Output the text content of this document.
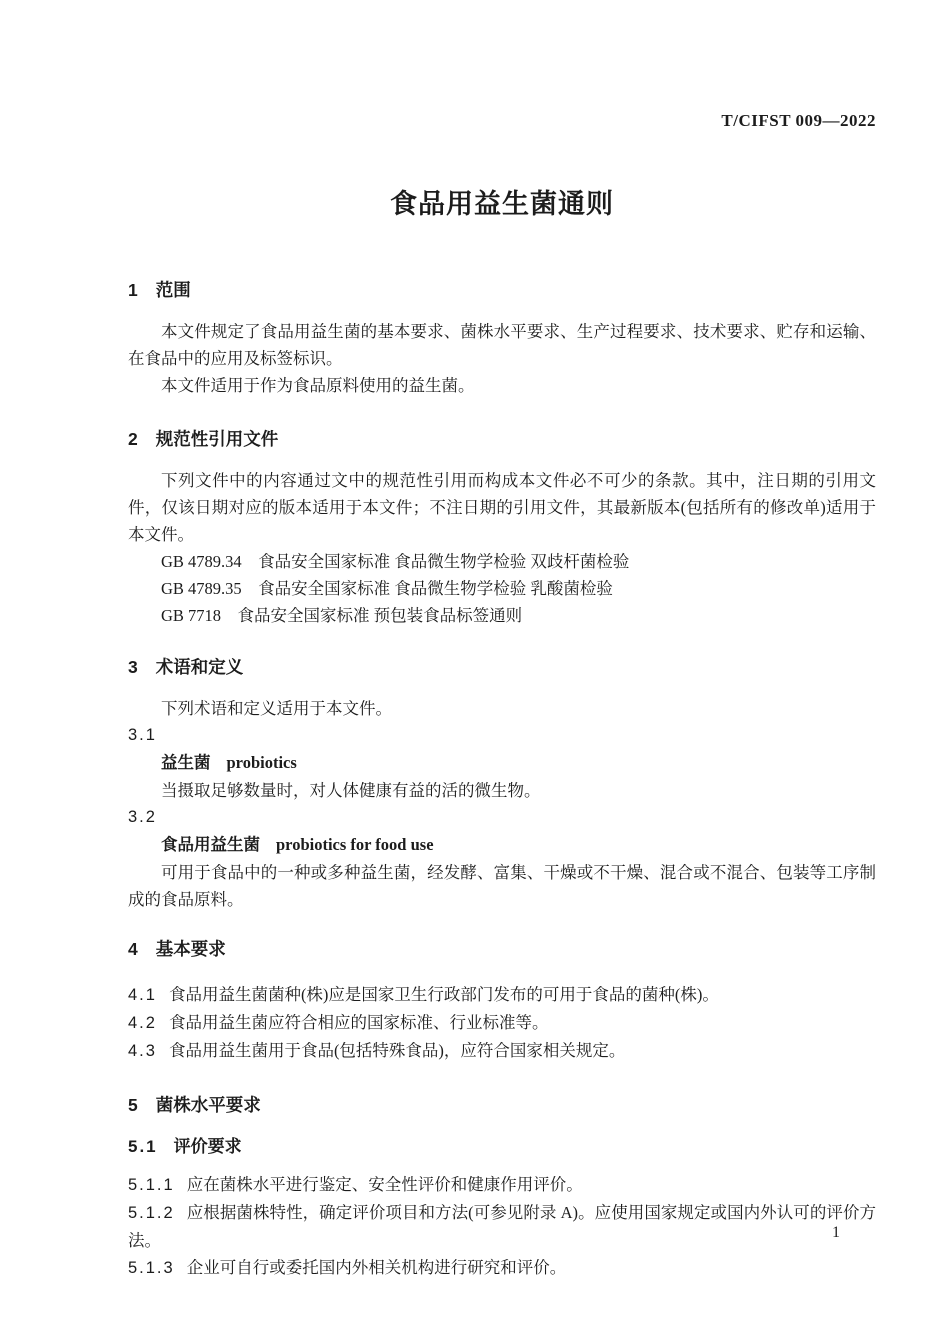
T/CIFST 009—2022
食品用益生菌通则
1 范围

本文件规定了食品用益生菌的基本要求、菌株水平要求、生产过程要求、技术要求、贮存和运输、在食品中的应用及标签标识。

本文件适用于作为食品原料使用的益生菌。

2 规范性引用文件

下列文件中的内容通过文中的规范性引用而构成本文件必不可少的条款。其中，注日期的引用文件，仅该日期对应的版本适用于本文件；不注日期的引用文件，其最新版本(包括所有的修改单)适用于本文件。

GB 4789.34　食品安全国家标准 食品微生物学检验 双歧杆菌检验

GB 4789.35　食品安全国家标准 食品微生物学检验 乳酸菌检验

GB 7718　食品安全国家标准 预包装食品标签通则

3 术语和定义

下列术语和定义适用于本文件。

3.1

益生菌 probiotics

当摄取足够数量时，对人体健康有益的活的微生物。

3.2

食品用益生菌 probiotics for food use

可用于食品中的一种或多种益生菌，经发酵、富集、干燥或不干燥、混合或不混合、包装等工序制成的食品原料。

4 基本要求

4.1 食品用益生菌菌种(株)应是国家卫生行政部门发布的可用于食品的菌种(株)。

4.2 食品用益生菌应符合相应的国家标准、行业标准等。

4.3 食品用益生菌用于食品(包括特殊食品)，应符合国家相关规定。

5 菌株水平要求
5.1 评价要求

5.1.1 应在菌株水平进行鉴定、安全性评价和健康作用评价。

5.1.2 应根据菌株特性，确定评价项目和方法(可参见附录 A)。应使用国家规定或国内外认可的评价方法。

5.1.3 企业可自行或委托国内外相关机构进行研究和评价。

1
